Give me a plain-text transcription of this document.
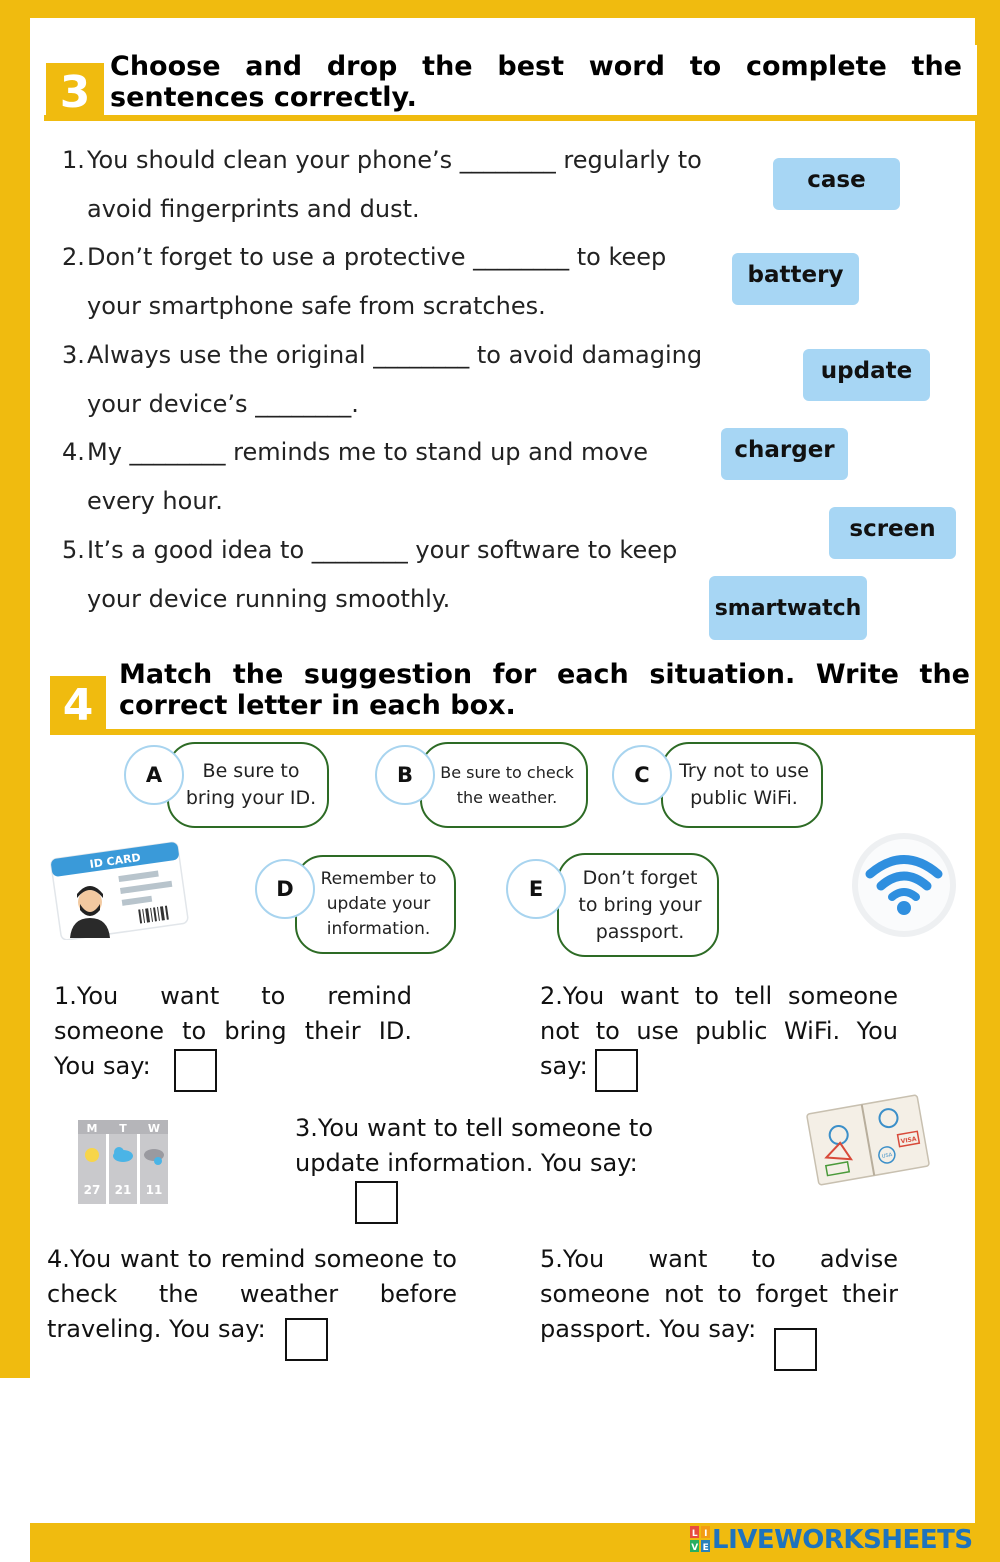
3 Choose and drop the best word to complete the sentences correctly.
1.You should clean your phone’s ________ regularly to
avoid fingerprints and dust.
2.Don’t forget to use a protective ________ to keep
your smartphone safe from scratches.
3.Always use the original ________ to avoid damaging
your device’s ________.
4.My ________ reminds me to stand up and move
every hour.
5.It’s a good idea to ________ your software to keep
your device running smoothly.
case
battery
update
charger
screen
smartwatch
4
Match the suggestion for each situation. Write the correct letter in each box.
A	Be sure to bring your ID.
B	Be sure to check the weather.
C	Try not to use public WiFi.
D	Remember to update your information.
E	Don’t forget to bring your passport.
ID CARD
1.You want to remind someone to bring their ID. You say:
2.You want to tell someone not to use public WiFi. You say:
M T W
27 21 11
3.You want to tell someone to update information. You say:
VISA
USA
4.You want to remind someone to check the weather before traveling. You say:
5.You want to advise someone not to forget their passport. You say:
L I
V E LIVEWORKSHEETS
